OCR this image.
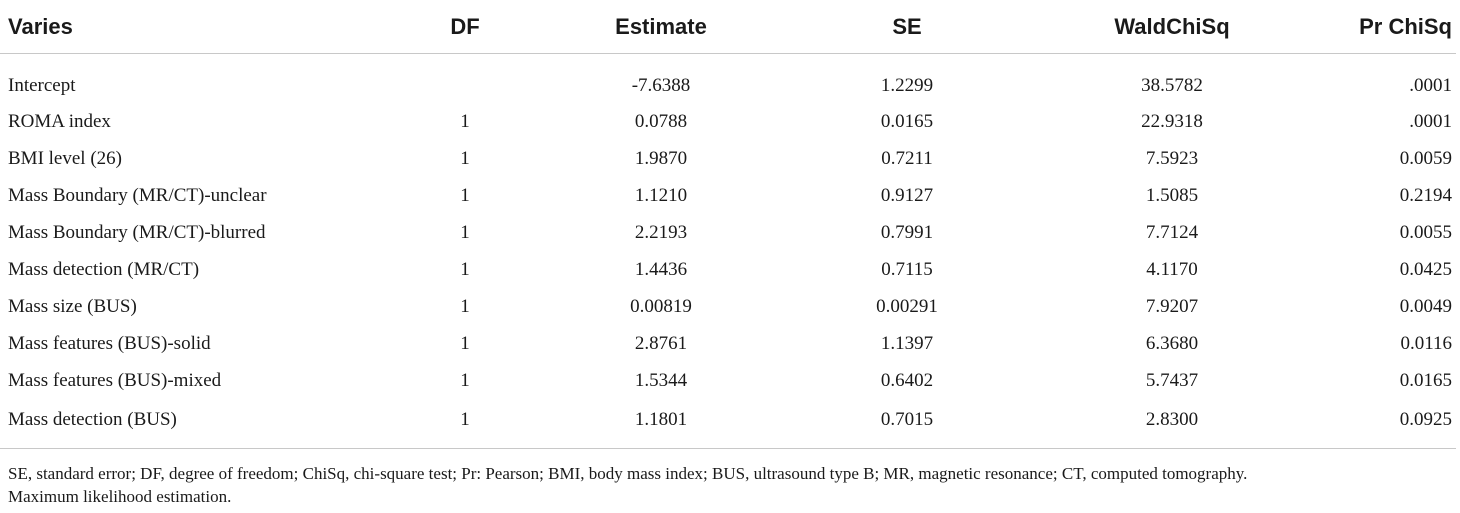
Varies	DF	Estimate	SE	WaldChiSq	Pr ChiSq
Intercept		-7.6388	1.2299	38.5782	.0001
ROMA index	1	0.0788	0.0165	22.9318	.0001
BMI level (26)	1	1.9870	0.7211	7.5923	0.0059
Mass Boundary (MR/CT)-unclear	1	1.1210	0.9127	1.5085	0.2194
Mass Boundary (MR/CT)-blurred	1	2.2193	0.7991	7.7124	0.0055
Mass detection (MR/CT)	1	1.4436	0.7115	4.1170	0.0425
Mass size (BUS)	1	0.00819	0.00291	7.9207	0.0049
Mass features (BUS)-solid	1	2.8761	1.1397	6.3680	0.0116
Mass features (BUS)-mixed	1	1.5344	0.6402	5.7437	0.0165
Mass detection (BUS)	1	1.1801	0.7015	2.8300	0.0925

SE, standard error; DF, degree of freedom; ChiSq, chi-square test; Pr: Pearson; BMI, body mass index; BUS, ultrasound type B; MR, magnetic resonance; CT, computed tomography.

Maximum likelihood estimation.
